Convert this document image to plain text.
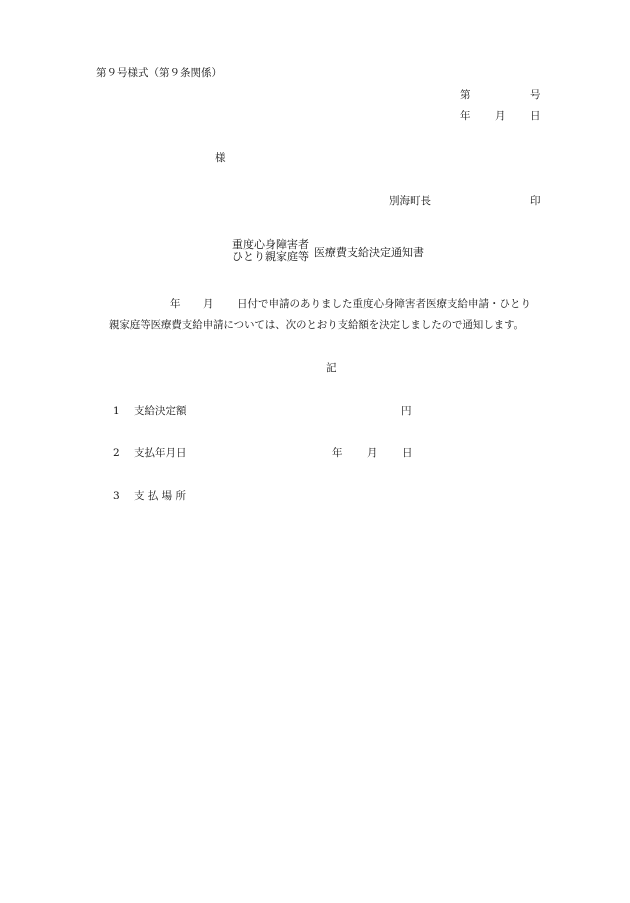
第９号様式（第９条関係）
第	号
年 月 日
様
別海町長	印
重度心身障害者
ひとり親家庭等 医療費支給決定通知書
年 月 日付で申請のありました重度心身障害者医療支給申請・ひとり
親家庭等医療費支給申請については、次のとおり支給額を決定しましたので通知します。
記
1 支給決定額	円
2 支払年月日	年 月 日
3 支 払 場 所
